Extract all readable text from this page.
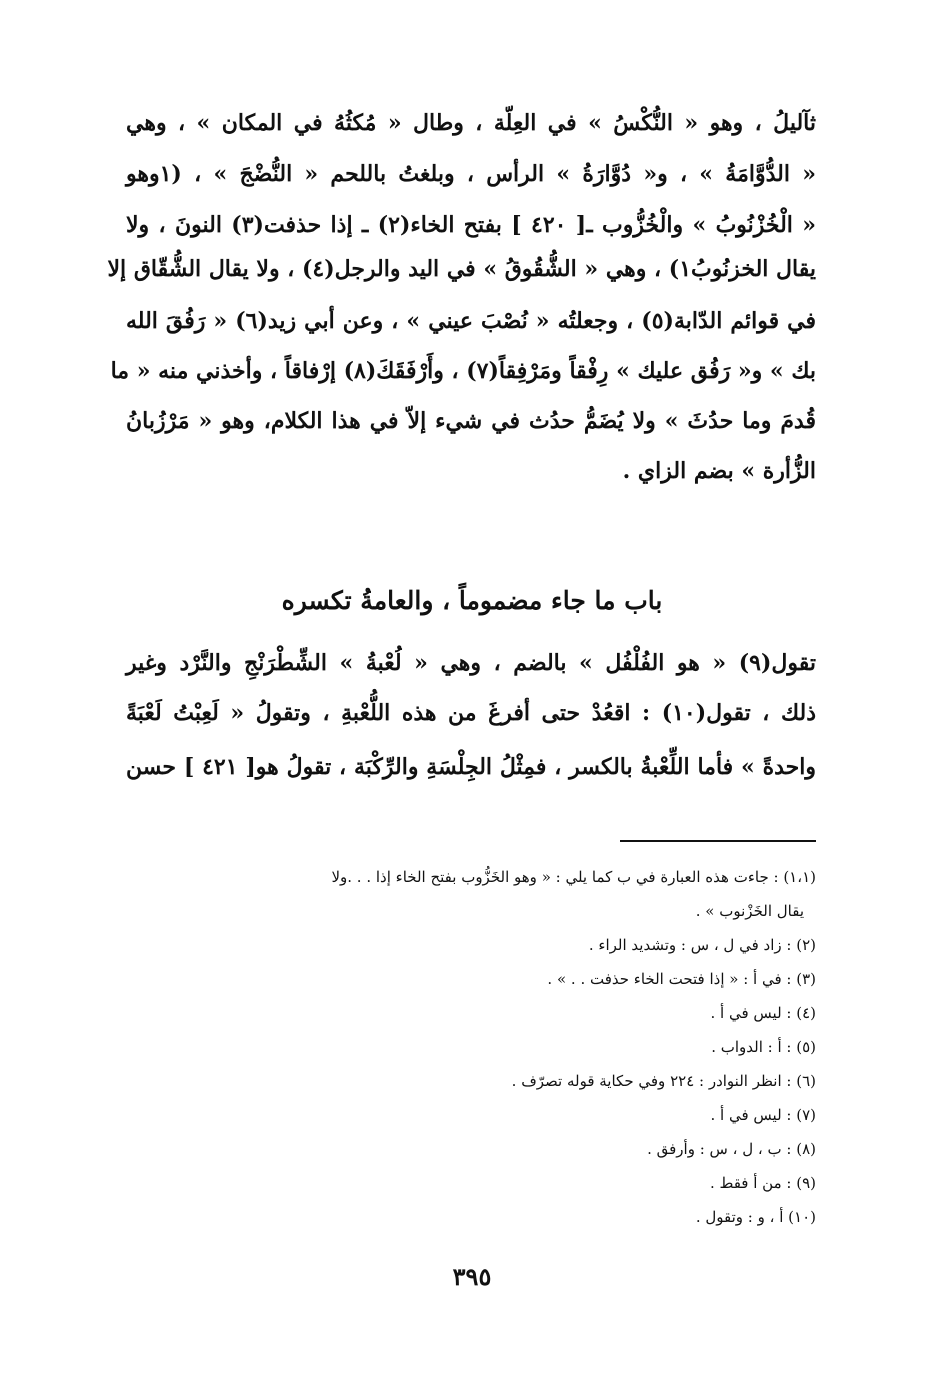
ثآليلُ ، وهو « النُّكْسُ » في العِلّة ، وطال « مُكثُهُ في المكان » ، وهي
« الدُّوَّامَةُ » ، و« دُوَّارَةُ » الرأس ، وبلغتُ باللحم « النُّضْجَ » ، (١وهو
« الْخُزْنُوبُ » والْخُزُّوب ـ[ ٤٢٠ ] بفتح الخاء(٢) ـ إذا حذفت(٣) النونَ ، ولا
يقال الخزنُوبُ١) ، وهي « الشُّقُوقُ » في اليد والرجل(٤) ، ولا يقال الشُّقّاق إلا
في قوائم الدّابة(٥) ، وجعلتُه « نُصْبَ عيني » ، وعن أبي زيد(٦) « رَفُقَ الله
بك » و« رَفُق عليك » رِفْقاً ومَرْفِقاً(٧) ، وأَرْفَقَكَ(٨) إرْفاقاً ، وأخذني منه « ما
قُدمَ وما حدُثَ » ولا يُضَمُّ حدُث في شيء إلاّ في هذا الكلام، وهو « مَرْزُبانُ
الزُّأرة » بضم الزاي .
باب ما جاء مضموماً ، والعامةُ تكسره
تقول(٩) « هو الفُلْفُل » بالضم ، وهي « لُعْبةُ » الشِّطْرَنْجِ والنَّرْد وغير
ذلك ، تقول(١٠) : اقعُدْ حتى أفرغَ من هذه اللُّعْبةِ ، وتقولُ « لَعِبْتُ لَعْبَةً
واحدةً » فأما اللِّعْبةُ بالكسر ، فمِثْلُ الجِلْسَةِ والرِّكْبَة ، تقولُ هو[ ٤٢١ ] حسن
(١،١) : جاءت هذه العبارة في ب كما يلي : « وهو الخَزُّوب بفتح الخاء إذا . . .ولا
يقال الخَزْنوب » .
(٢) : زاد في ل ، س : وتشديد الراء .
(٣) : في أ : « إذا فتحت الخاء حذفت . . » .
(٤) : ليس في أ .
(٥) : أ : الدواب .
(٦) : انظر النوادر : ٢٢٤ وفي حكاية قوله تصرّف .
(٧) : ليس في أ .
(٨) : ب ، ل ، س : وأرفق .
(٩) : من أ فقط .
(١٠) أ ، و : وتقول .
٣٩٥
